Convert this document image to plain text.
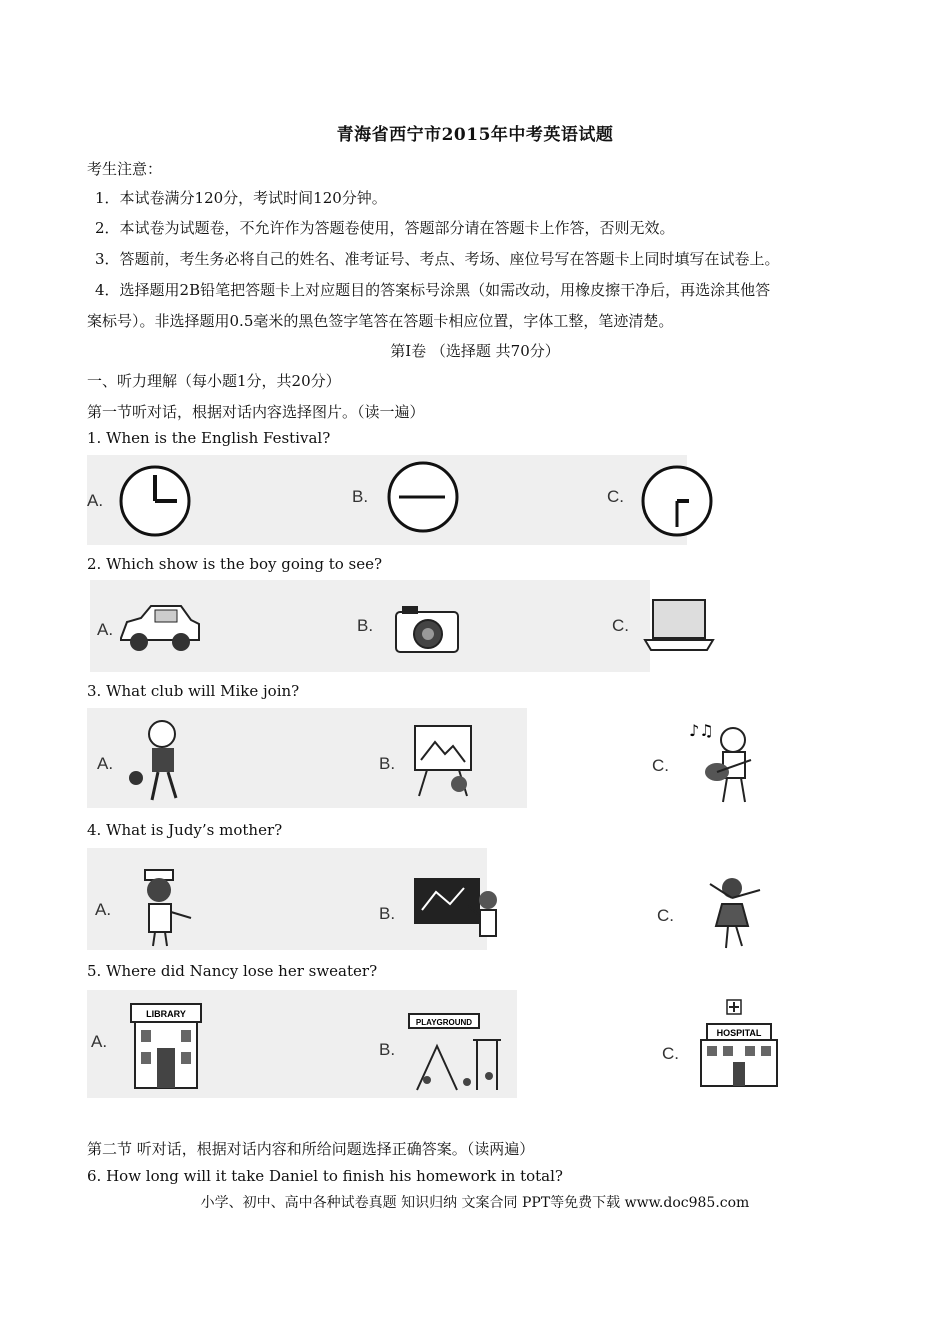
青海省西宁市2015年中考英语试题
考生注意：
1．本试卷满分120分，考试时间120分钟。
2．本试卷为试题卷，不允许作为答题卷使用，答题部分请在答题卡上作答，否则无效。
3．答题前，考生务必将自己的姓名、准考证号、考点、考场、座位号写在答题卡上同时填写在试卷上。
4．选择题用2B铅笔把答题卡上对应题目的答案标号涂黑（如需改动，用橡皮擦干净后，再选涂其他答
案标号）。非选择题用0.5毫米的黑色签字笔答在答题卡相应位置，字体工整，笔迹清楚。
第Ⅰ卷 （选择题 共70分）
一、听力理解（每小题1分，共20分）
第一节听对话，根据对话内容选择图片。（读一遍）
1. When is the English Festival?
A.	B.	C.
2. Which show is the boy going to see?
A.	B.	C.
3. What club will Mike join?
A.	B.	C.
♪♫
4. What is Judy’s mother?
A.	B.	C.
5. Where did Nancy lose her sweater?
A.
LIBRARY
B.
PLAYGROUND
C.
HOSPITAL
第二节 听对话，根据对话内容和所给问题选择正确答案。（读两遍）
6. How long will it take Daniel to finish his homework in total?
小学、初中、高中各种试卷真题 知识归纳 文案合同 PPT等免费下载 www.doc985.com
